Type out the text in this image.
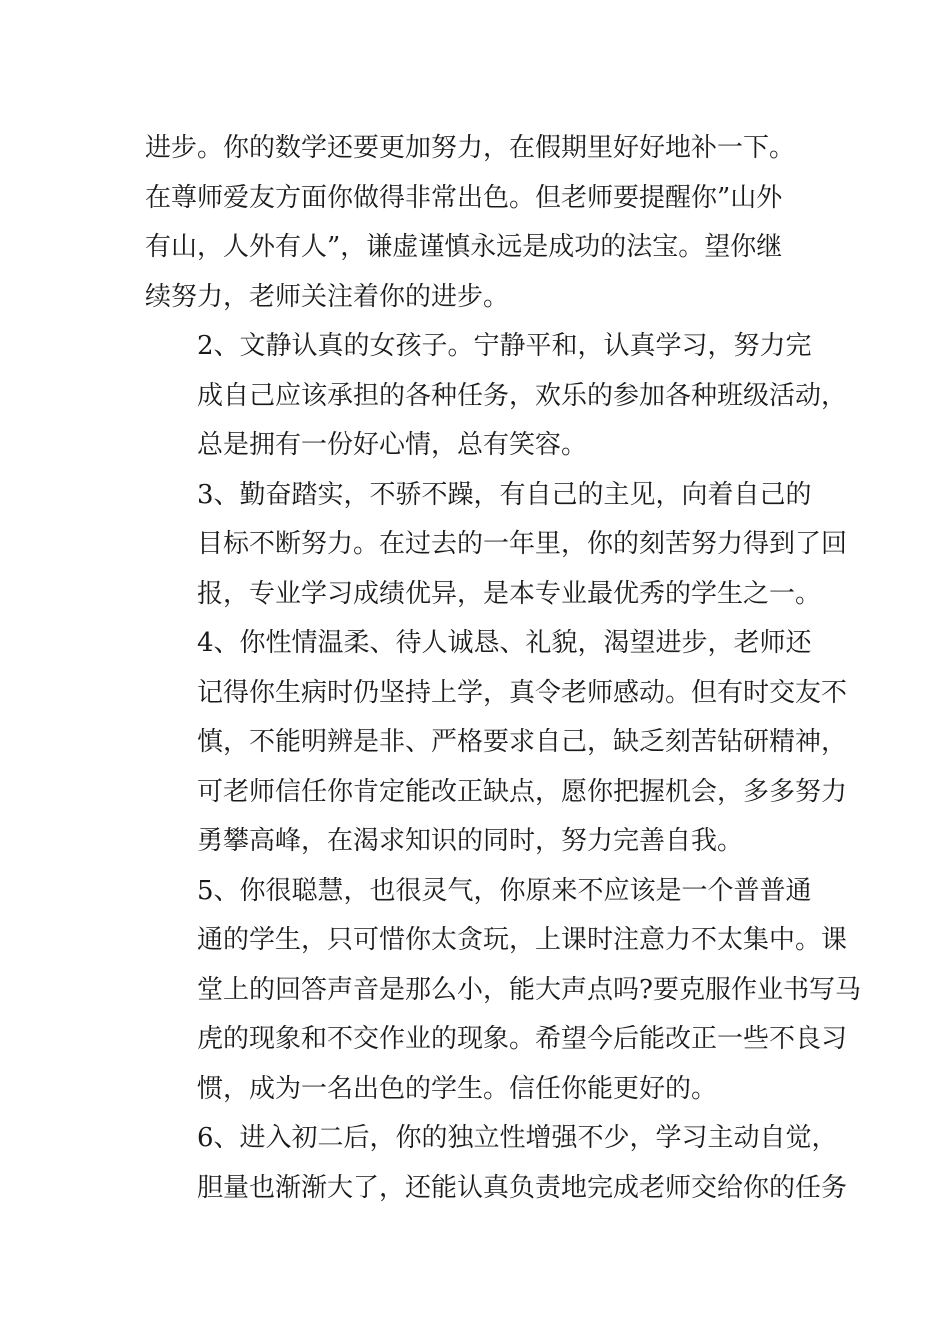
进步。你的数学还要更加努力，在假期里好好地补一下。
在尊师爱友方面你做得非常出色。但老师要提醒你”山外
有山，人外有人”，谦虚谨慎永远是成功的法宝。望你继
续努力，老师关注着你的进步。
2、文静认真的女孩子。宁静平和，认真学习，努力完
成自己应该承担的各种任务，欢乐的参加各种班级活动，
总是拥有一份好心情，总有笑容。
3、勤奋踏实，不骄不躁，有自己的主见，向着自己的
目标不断努力。在过去的一年里，你的刻苦努力得到了回
报，专业学习成绩优异，是本专业最优秀的学生之一。
4、你性情温柔、待人诚恳、礼貌，渴望进步，老师还
记得你生病时仍坚持上学，真令老师感动。但有时交友不
慎，不能明辨是非、严格要求自己，缺乏刻苦钻研精神，
可老师信任你肯定能改正缺点，愿你把握机会，多多努力
勇攀高峰，在渴求知识的同时，努力完善自我。
5、你很聪慧，也很灵气，你原来不应该是一个普普通
通的学生，只可惜你太贪玩，上课时注意力不太集中。课
堂上的回答声音是那么小，能大声点吗?要克服作业书写马
虎的现象和不交作业的现象。希望今后能改正一些不良习
惯，成为一名出色的学生。信任你能更好的。
6、进入初二后，你的独立性增强不少，学习主动自觉，
胆量也渐渐大了，还能认真负责地完成老师交给你的任务
